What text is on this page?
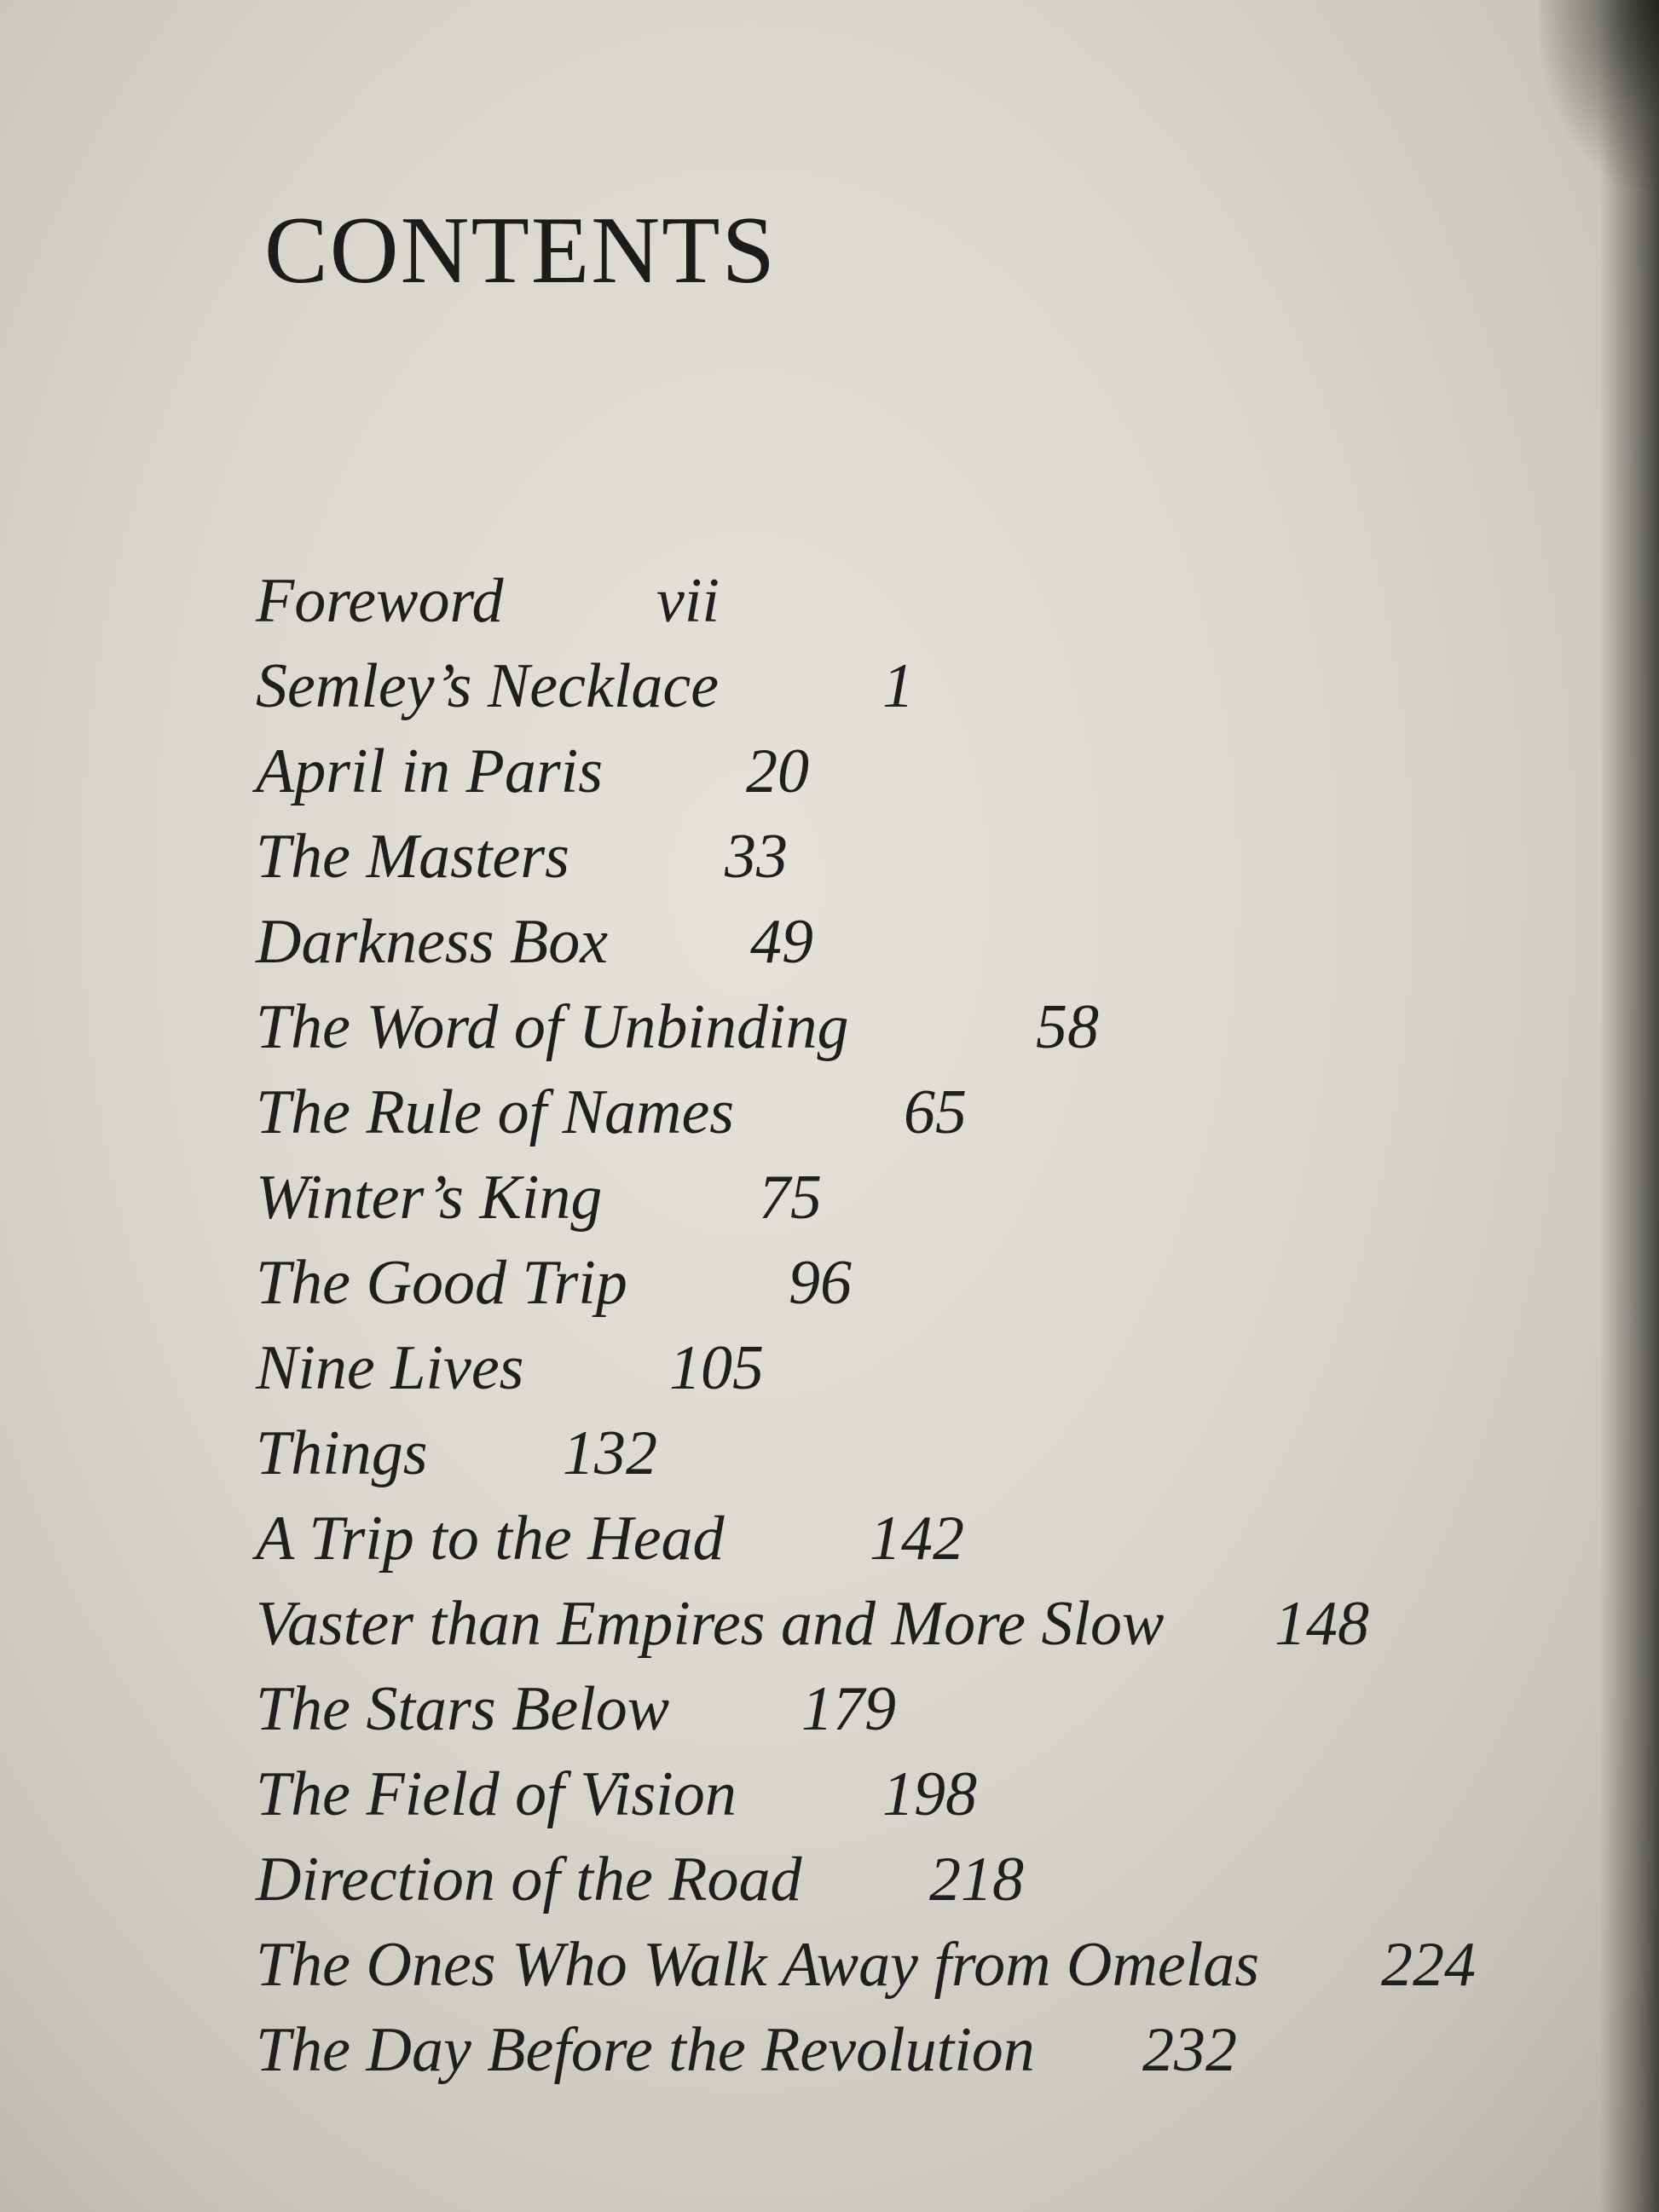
CONTENTS
Foreword vii
Semley’s Necklace	1
April in Paris 20
The Masters 33
Darkness Box 49
The Word of Unbinding	58
The Rule of Names	65
Winter’s King 75
The Good Trip	96
Nine Lives 105
Things 132
A Trip to the Head 142
Vaster than Empires and More Slow 148
The Stars Below 179
The Field of Vision 198
Direction of the Road 218
The Ones Who Walk Away from Omelas 224
The Day Before the Revolution 232
